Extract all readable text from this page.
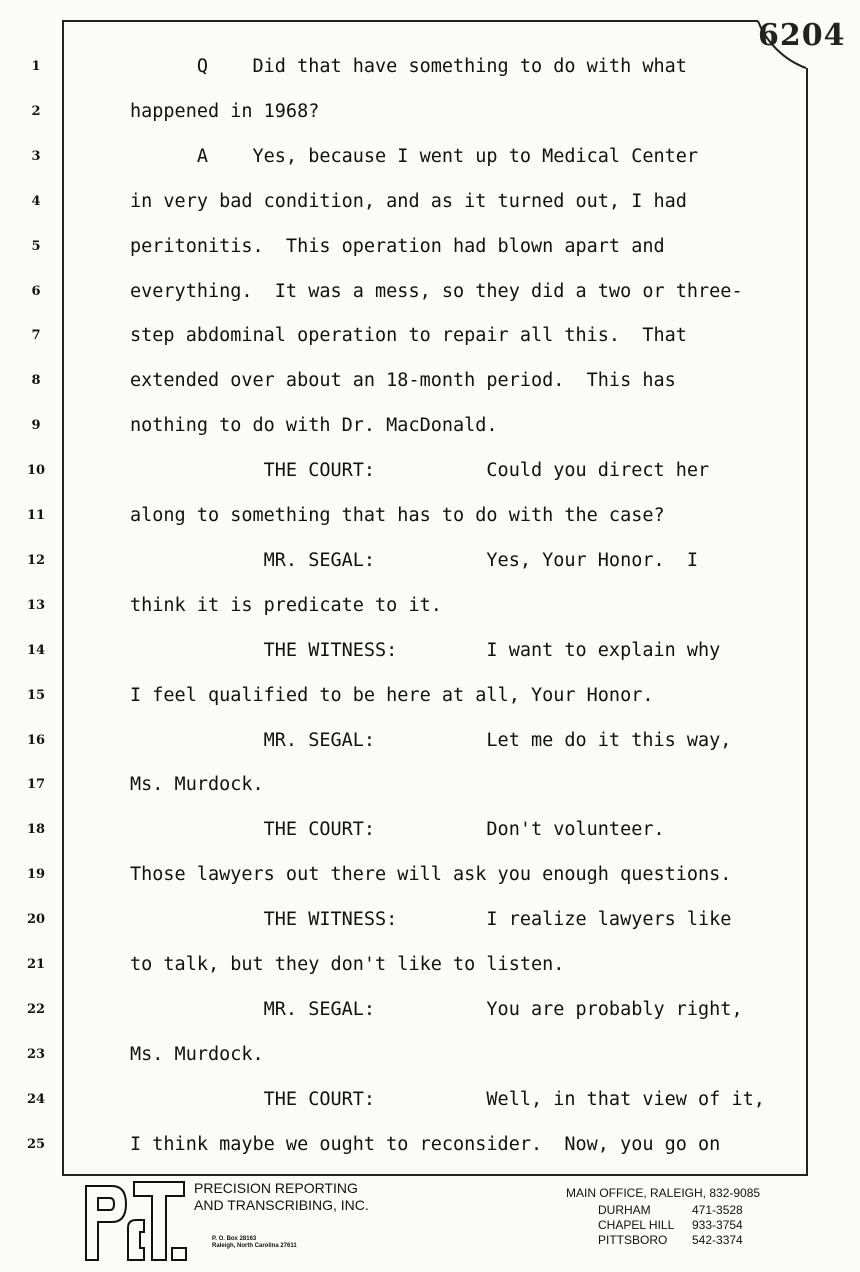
6204
1	Q    Did that have something to do with what
2	happened in 1968?
3	A    Yes, because I went up to Medical Center
4	in very bad condition, and as it turned out, I had
5	peritonitis.  This operation had blown apart and
6	everything.  It was a mess, so they did a two or three-
7	step abdominal operation to repair all this.  That
8	extended over about an 18-month period.  This has
9	nothing to do with Dr. MacDonald.
10	THE COURT:          Could you direct her
11	along to something that has to do with the case?
12	MR. SEGAL:          Yes, Your Honor.  I
13	think it is predicate to it.
14	THE WITNESS:        I want to explain why
15	I feel qualified to be here at all, Your Honor.
16	MR. SEGAL:          Let me do it this way,
17	Ms. Murdock.
18	THE COURT:          Don't volunteer.
19	Those lawyers out there will ask you enough questions.
20	THE WITNESS:        I realize lawyers like
21	to talk, but they don't like to listen.
22	MR. SEGAL:          You are probably right,
23	Ms. Murdock.
24	THE COURT:          Well, in that view of it,
25	I think maybe we ought to reconsider.  Now, you go on
P&T	PRECISION REPORTING
AND TRANSCRIBING, INC.
P. O. Box 28163
Raleigh, North Carolina 27611
MAIN OFFICE, RALEIGH, 832-9085
DURHAM	471-3528
CHAPEL HILL	933-3754
PITTSBORO	542-3374
